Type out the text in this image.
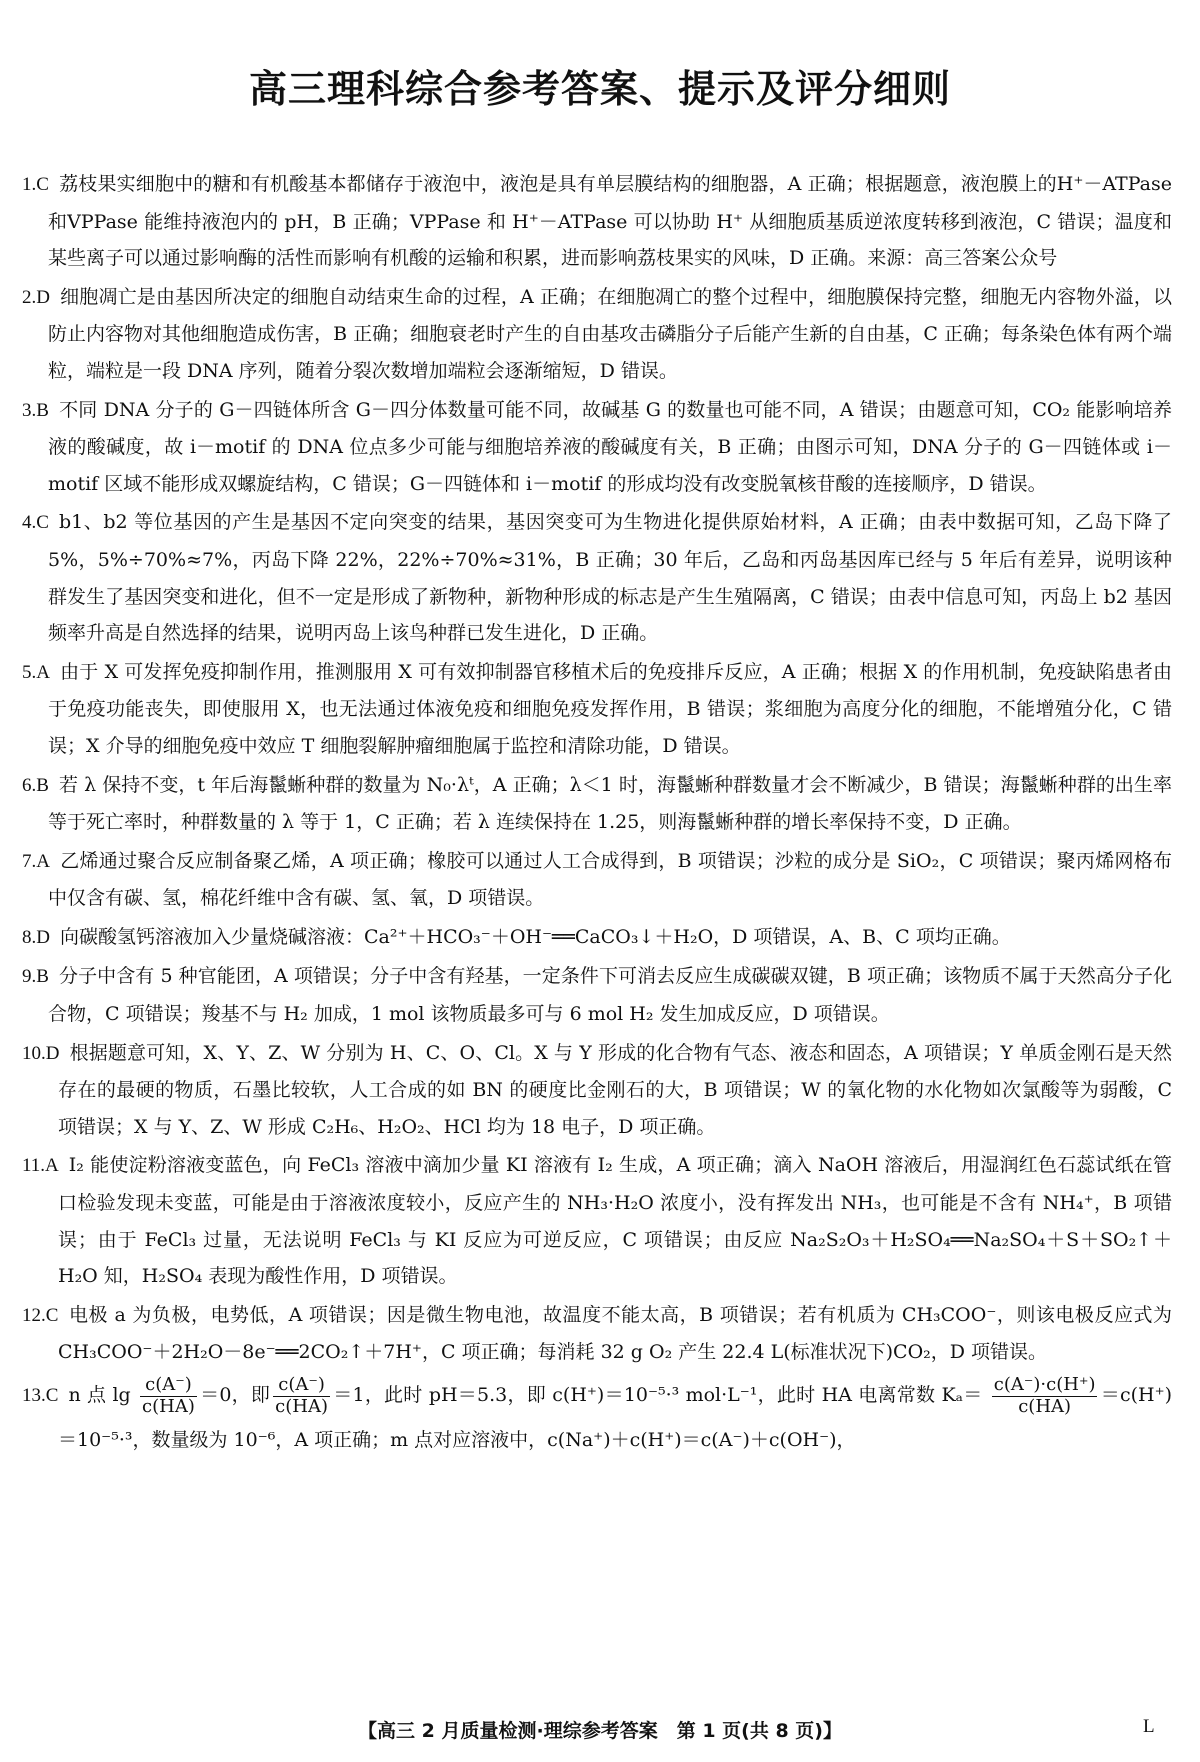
高三理科综合参考答案、提示及评分细则

1.C 荔枝果实细胞中的糖和有机酸基本都储存于液泡中，液泡是具有单层膜结构的细胞器，A 正确；根据题意，液泡膜上的H⁺－ATPase 和VPPase 能维持液泡内的 pH，B 正确；VPPase 和 H⁺－ATPase 可以协助 H⁺ 从细胞质基质逆浓度转移到液泡，C 错误；温度和某些离子可以通过影响酶的活性而影响有机酸的运输和积累，进而影响荔枝果实的风味，D 正确。来源：高三答案公众号

2.D 细胞凋亡是由基因所决定的细胞自动结束生命的过程，A 正确；在细胞凋亡的整个过程中，细胞膜保持完整，细胞无内容物外溢，以防止内容物对其他细胞造成伤害，B 正确；细胞衰老时产生的自由基攻击磷脂分子后能产生新的自由基，C 正确；每条染色体有两个端粒，端粒是一段 DNA 序列，随着分裂次数增加端粒会逐渐缩短，D 错误。

3.B 不同 DNA 分子的 G－四链体所含 G－四分体数量可能不同，故碱基 G 的数量也可能不同，A 错误；由题意可知，CO₂ 能影响培养液的酸碱度，故 i－motif 的 DNA 位点多少可能与细胞培养液的酸碱度有关，B 正确；由图示可知，DNA 分子的 G－四链体或 i－motif 区域不能形成双螺旋结构，C 错误；G－四链体和 i－motif 的形成均没有改变脱氧核苷酸的连接顺序，D 错误。

4.C b1、b2 等位基因的产生是基因不定向突变的结果，基因突变可为生物进化提供原始材料，A 正确；由表中数据可知，乙岛下降了 5%，5%÷70%≈7%，丙岛下降 22%，22%÷70%≈31%，B 正确；30 年后，乙岛和丙岛基因库已经与 5 年后有差异，说明该种群发生了基因突变和进化，但不一定是形成了新物种，新物种形成的标志是产生生殖隔离，C 错误；由表中信息可知，丙岛上 b2 基因频率升高是自然选择的结果，说明丙岛上该鸟种群已发生进化，D 正确。

5.A 由于 X 可发挥免疫抑制作用，推测服用 X 可有效抑制器官移植术后的免疫排斥反应，A 正确；根据 X 的作用机制，免疫缺陷患者由于免疫功能丧失，即使服用 X，也无法通过体液免疫和细胞免疫发挥作用，B 错误；浆细胞为高度分化的细胞，不能增殖分化，C 错误；X 介导的细胞免疫中效应 T 细胞裂解肿瘤细胞属于监控和清除功能，D 错误。

6.B 若 λ 保持不变，t 年后海鬣蜥种群的数量为 N₀·λᵗ，A 正确；λ＜1 时，海鬣蜥种群数量才会不断减少，B 错误；海鬣蜥种群的出生率等于死亡率时，种群数量的 λ 等于 1，C 正确；若 λ 连续保持在 1.25，则海鬣蜥种群的增长率保持不变，D 正确。

7.A 乙烯通过聚合反应制备聚乙烯，A 项正确；橡胶可以通过人工合成得到，B 项错误；沙粒的成分是 SiO₂，C 项错误；聚丙烯网格布中仅含有碳、氢，棉花纤维中含有碳、氢、氧，D 项错误。

8.D 向碳酸氢钙溶液加入少量烧碱溶液：Ca²⁺＋HCO₃⁻＋OH⁻══CaCO₃↓＋H₂O，D 项错误，A、B、C 项均正确。

9.B 分子中含有 5 种官能团，A 项错误；分子中含有羟基，一定条件下可消去反应生成碳碳双键，B 项正确；该物质不属于天然高分子化合物，C 项错误；羧基不与 H₂ 加成，1 mol 该物质最多可与 6 mol H₂ 发生加成反应，D 项错误。

10.D 根据题意可知，X、Y、Z、W 分别为 H、C、O、Cl。X 与 Y 形成的化合物有气态、液态和固态，A 项错误；Y 单质金刚石是天然存在的最硬的物质，石墨比较软，人工合成的如 BN 的硬度比金刚石的大，B 项错误；W 的氧化物的水化物如次氯酸等为弱酸，C 项错误；X 与 Y、Z、W 形成 C₂H₆、H₂O₂、HCl 均为 18 电子，D 项正确。

11.A I₂ 能使淀粉溶液变蓝色，向 FeCl₃ 溶液中滴加少量 KI 溶液有 I₂ 生成，A 项正确；滴入 NaOH 溶液后，用湿润红色石蕊试纸在管口检验发现未变蓝，可能是由于溶液浓度较小，反应产生的 NH₃·H₂O 浓度小，没有挥发出 NH₃，也可能是不含有 NH₄⁺，B 项错误；由于 FeCl₃ 过量，无法说明 FeCl₃ 与 KI 反应为可逆反应，C 项错误；由反应 Na₂S₂O₃＋H₂SO₄══Na₂SO₄＋S＋SO₂↑＋H₂O 知，H₂SO₄ 表现为酸性作用，D 项错误。

12.C 电极 a 为负极，电势低，A 项错误；因是微生物电池，故温度不能太高，B 项错误；若有机质为 CH₃COO⁻，则该电极反应式为 CH₃COO⁻＋2H₂O－8e⁻══2CO₂↑＋7H⁺，C 项正确；每消耗 32 g O₂ 产生 22.4 L(标准状况下)CO₂，D 项错误。

13.C n 点 $\lg \frac{c(A^-)}{c(HA)} =0$，即 $\frac{c(A^-)}{c(HA)} =1$，此时 pH＝5.3，即 c(H⁺)＝10⁻⁵·³ mol·L⁻¹，此时 HA 电离常数 $K_a= \frac{c(A^-)\cdot c(H^+)}{c(HA)} =c(H^+)=10^{-5}\cdot^3$，数量级为 10⁻⁶，A 项正确；m 点对应溶液中，c(Na⁺)＋c(H⁺)＝c(A⁻)＋c(OH⁻)，

【高三 2 月质量检测·理综参考答案　第 1 页(共 8 页)】	L
